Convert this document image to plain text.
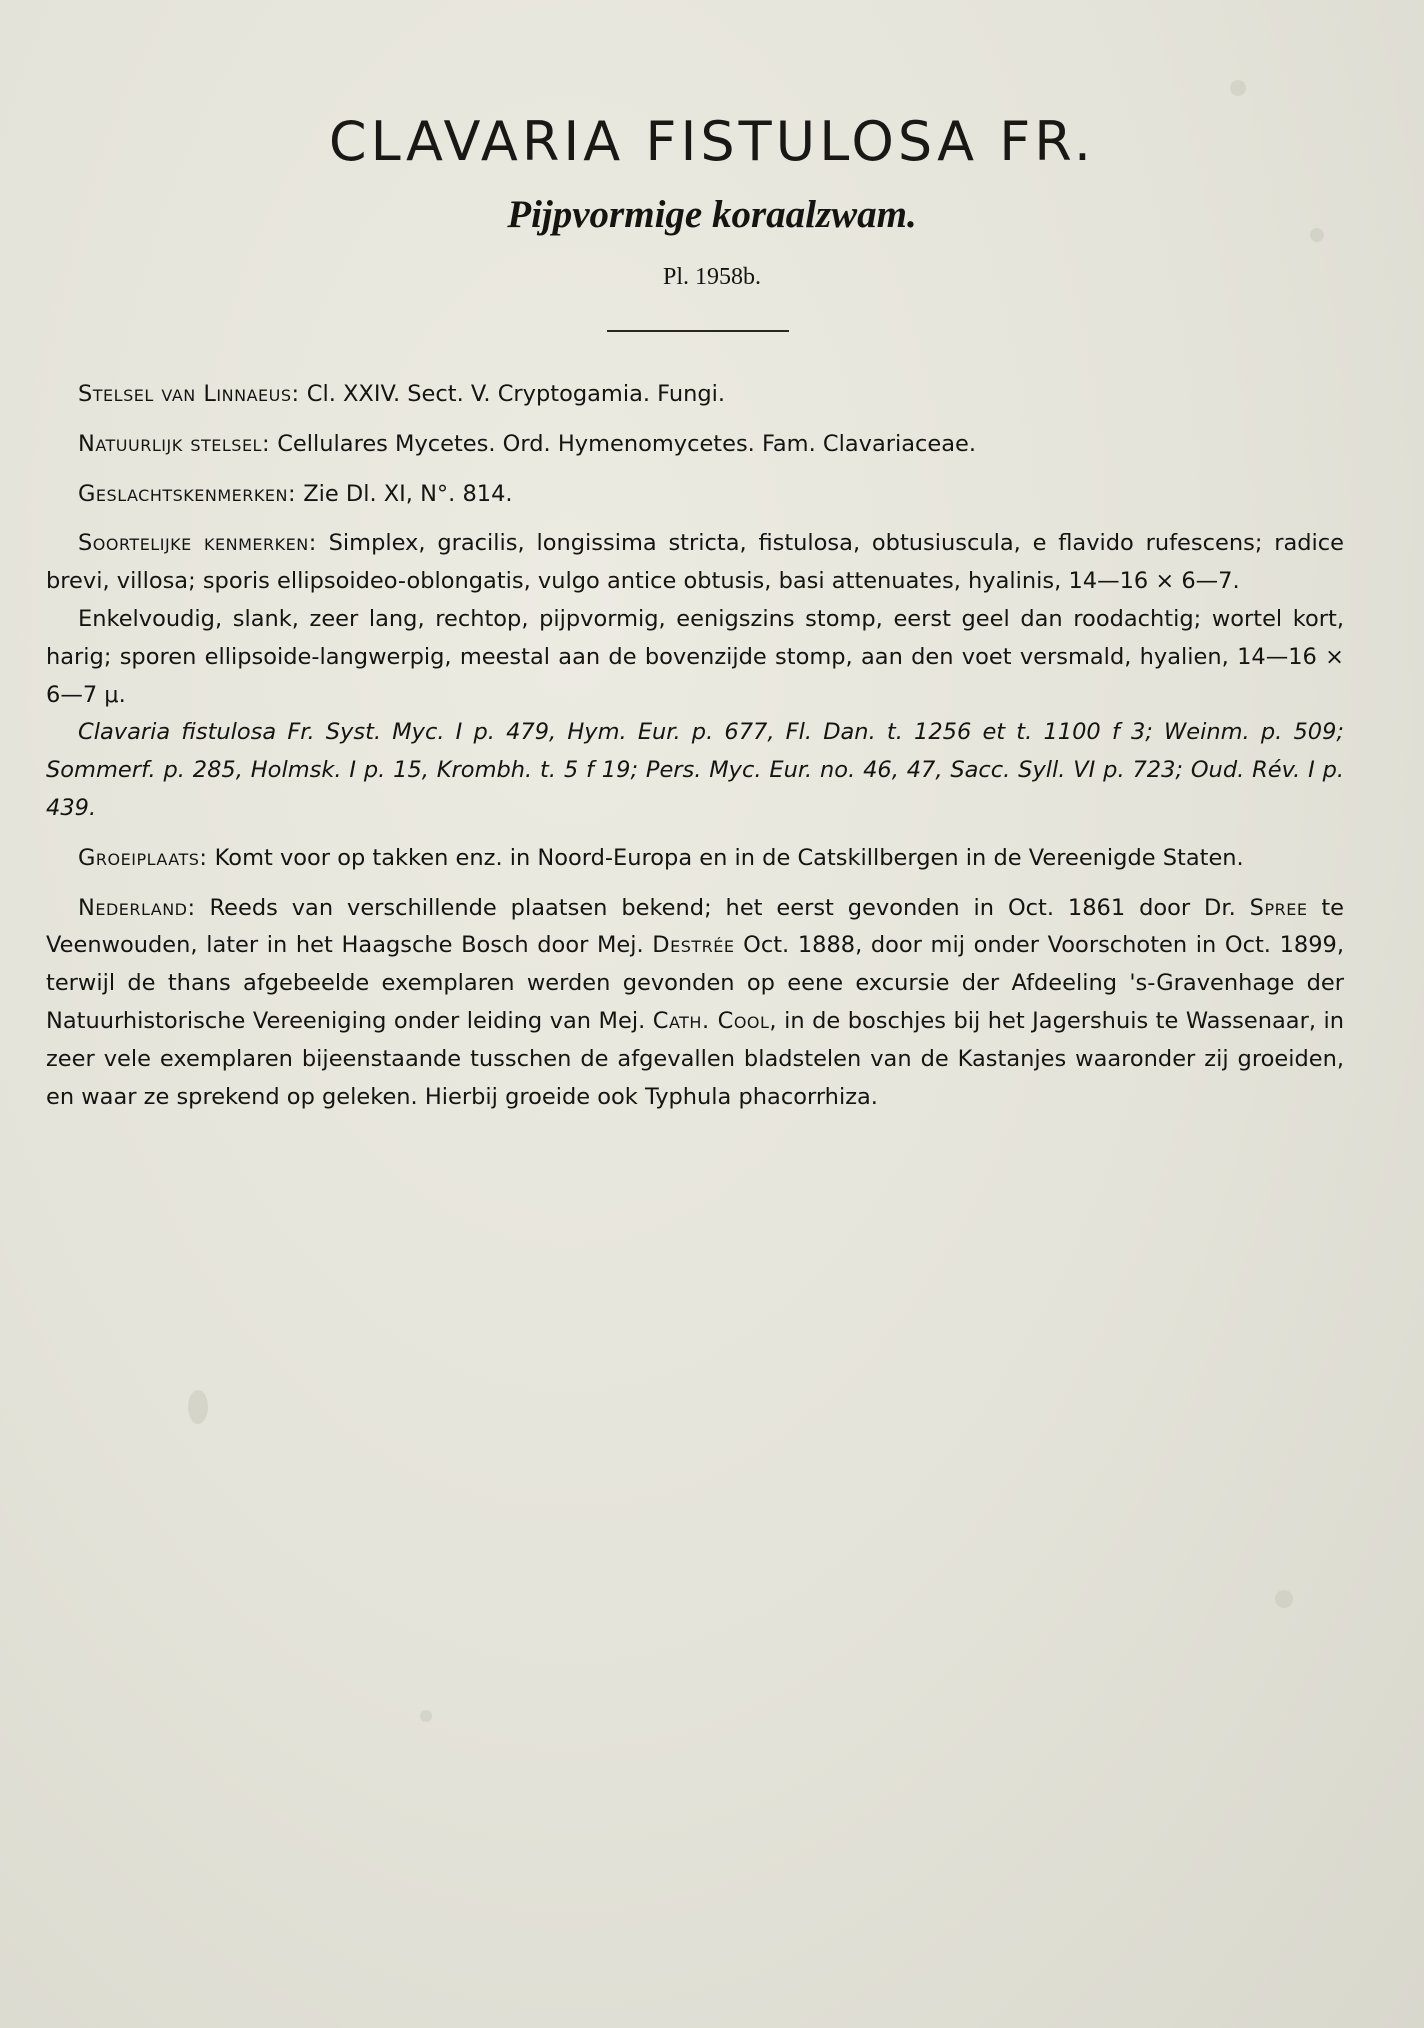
CLAVARIA FISTULOSA FR.
Pijpvormige koraalzwam.
Pl. 1958b.

Stelsel van Linnaeus: Cl. XXIV. Sect. V. Cryptogamia. Fungi.

Natuurlijk stelsel: Cellulares Mycetes. Ord. Hymenomycetes. Fam. Clavariaceae.

Geslachtskenmerken: Zie Dl. XI, N°. 814.

Soortelijke kenmerken: Simplex, gracilis, longissima stricta, fistulosa, obtusiuscula, e flavido rufescens; radice brevi, villosa; sporis ellipsoideo-oblongatis, vulgo antice obtusis, basi attenuates, hyalinis, 14—16 × 6—7.

Enkelvoudig, slank, zeer lang, rechtop, pijpvormig, eenigszins stomp, eerst geel dan roodachtig; wortel kort, harig; sporen ellipsoide-langwerpig, meestal aan de bovenzijde stomp, aan den voet versmald, hyalien, 14—16 × 6—7 μ.

Clavaria fistulosa Fr. Syst. Myc. I p. 479, Hym. Eur. p. 677, Fl. Dan. t. 1256 et t. 1100 f 3; Weinm. p. 509; Sommerf. p. 285, Holmsk. I p. 15, Krombh. t. 5 f 19; Pers. Myc. Eur. no. 46, 47, Sacc. Syll. VI p. 723; Oud. Rév. I p. 439.

Groeiplaats: Komt voor op takken enz. in Noord-Europa en in de Catskillbergen in de Vereenigde Staten.

Nederland: Reeds van verschillende plaatsen bekend; het eerst gevonden in Oct. 1861 door Dr. Spree te Veenwouden, later in het Haagsche Bosch door Mej. Destrée Oct. 1888, door mij onder Voorschoten in Oct. 1899, terwijl de thans afgebeelde exemplaren werden gevonden op eene excursie der Afdeeling 's-Gravenhage der Natuurhistorische Vereeniging onder leiding van Mej. Cath. Cool, in de boschjes bij het Jagershuis te Wassenaar, in zeer vele exemplaren bijeenstaande tusschen de afgevallen bladstelen van de Kastanjes waaronder zij groeiden, en waar ze sprekend op geleken. Hierbij groeide ook Typhula phacorrhiza.
